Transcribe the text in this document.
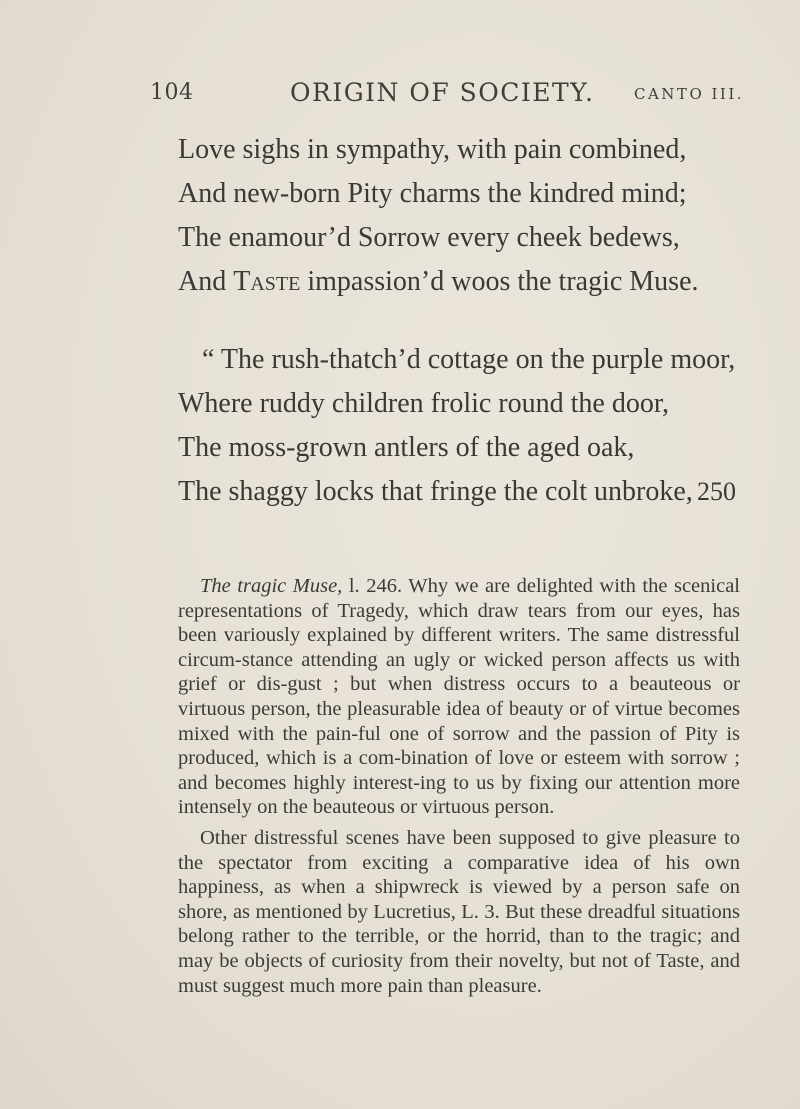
104	ORIGIN OF SOCIETY.	CANTO III.
Love sighs in sympathy, with pain combined,
And new-born Pity charms the kindred mind;
The enamour’d Sorrow every cheek bedews,
And Taste impassion’d woos the tragic Muse.
“ The rush-thatch’d cottage on the purple moor,
Where ruddy children frolic round the door,
The moss-grown antlers of the aged oak,
The shaggy locks that fringe the colt unbroke, 250

The tragic Muse, l. 246. Why we are delighted with the scenical representations of Tragedy, which draw tears from our eyes, has been variously explained by different writers. The same distressful circum-stance attending an ugly or wicked person affects us with grief or dis-gust ; but when distress occurs to a beauteous or virtuous person, the pleasurable idea of beauty or of virtue becomes mixed with the pain-ful one of sorrow and the passion of Pity is produced, which is a com-bination of love or esteem with sorrow ; and becomes highly interest-ing to us by fixing our attention more intensely on the beauteous or virtuous person.

Other distressful scenes have been supposed to give pleasure to the spectator from exciting a comparative idea of his own happiness, as when a shipwreck is viewed by a person safe on shore, as mentioned by Lucretius, L. 3. But these dreadful situations belong rather to the terrible, or the horrid, than to the tragic; and may be objects of curiosity from their novelty, but not of Taste, and must suggest much more pain than pleasure.
